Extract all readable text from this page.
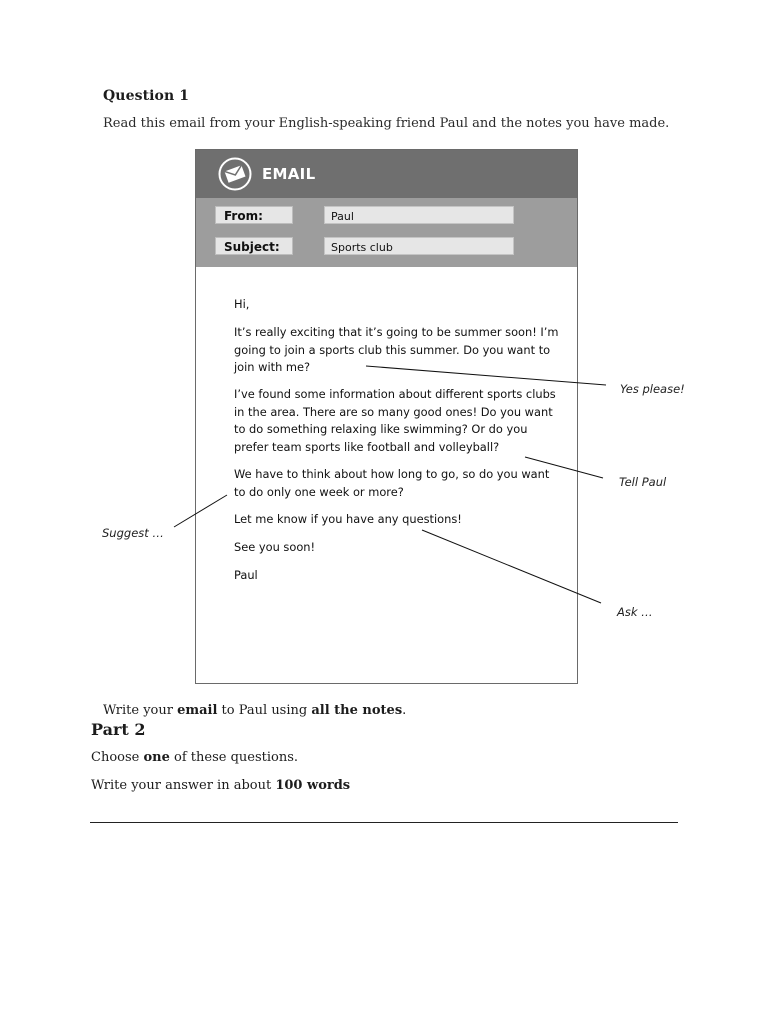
Question 1
Read this email from your English-speaking friend Paul and the notes you have made.
EMAIL
From:	Paul
Subject:	Sports club
Hi,
It’s really exciting that it’s going to be summer soon! I’m going to join a sports club this summer. Do you want to join with me?
I’ve found some information about different sports clubs in the area. There are so many good ones! Do you want to do something relaxing like swimming? Or do you prefer team sports like football and volleyball?
We have to think about how long to go, so do you want to do only one week or more?
Let me know if you have any questions!
See you soon!
Paul
Yes please!
Tell Paul
Suggest …
Ask …
Write your email to Paul using all the notes.
Part 2
Choose one of these questions.
Write your answer in about 100 words
